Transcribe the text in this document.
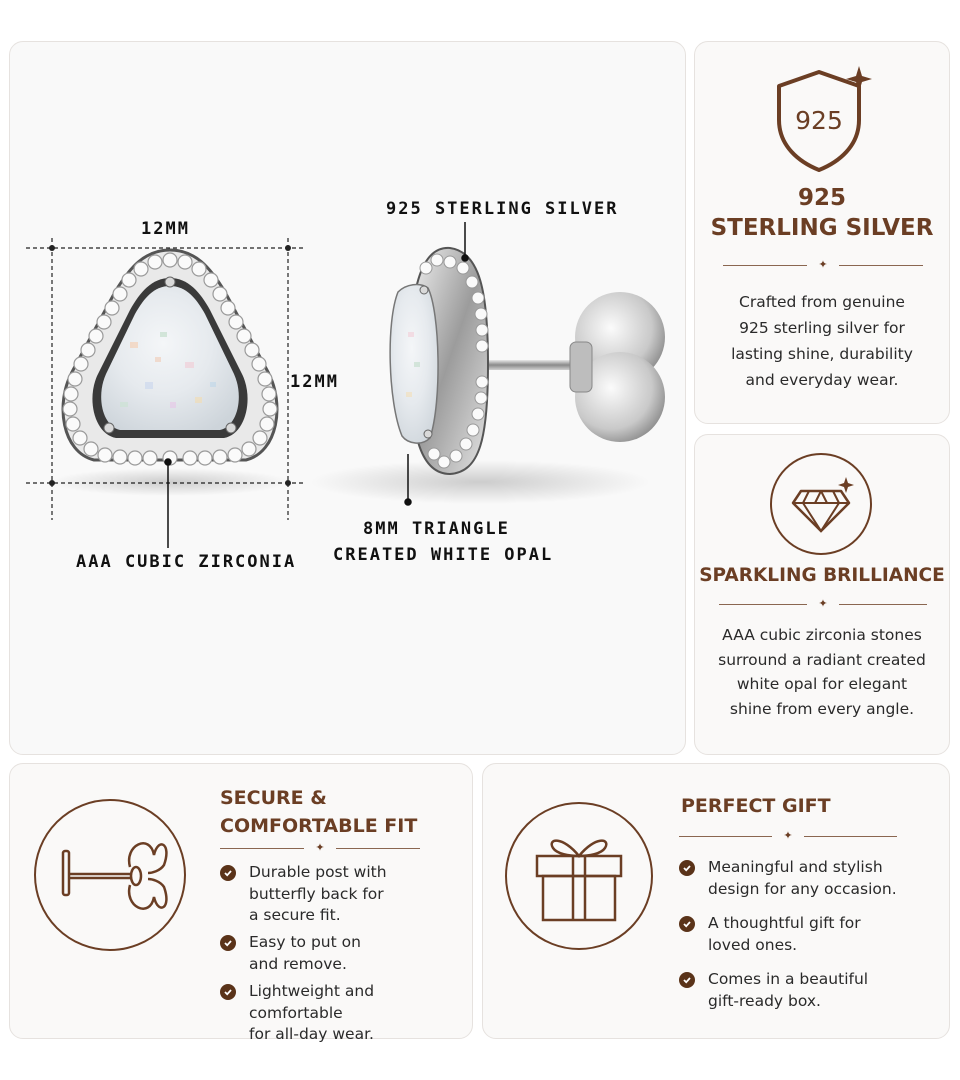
12MM
12MM
925 STERLING SILVER
AAA CUBIC ZIRCONIA
8MM TRIANGLE
CREATED WHITE OPAL
925
925
STERLING SILVER
✦
Crafted from genuine
925 sterling silver for
lasting shine, durability
and everyday wear.
SPARKLING BRILLIANCE
✦
AAA cubic zirconia stones
surround a radiant created
white opal for elegant
shine from every angle.
SECURE &
COMFORTABLE FIT
✦
Durable post with
butterfly back for
a secure fit.
Easy to put on
and remove.
Lightweight and comfortable
for all-day wear.
PERFECT GIFT
✦
Meaningful and stylish
design for any occasion.
A thoughtful gift for
loved ones.
Comes in a beautiful
gift-ready box.
